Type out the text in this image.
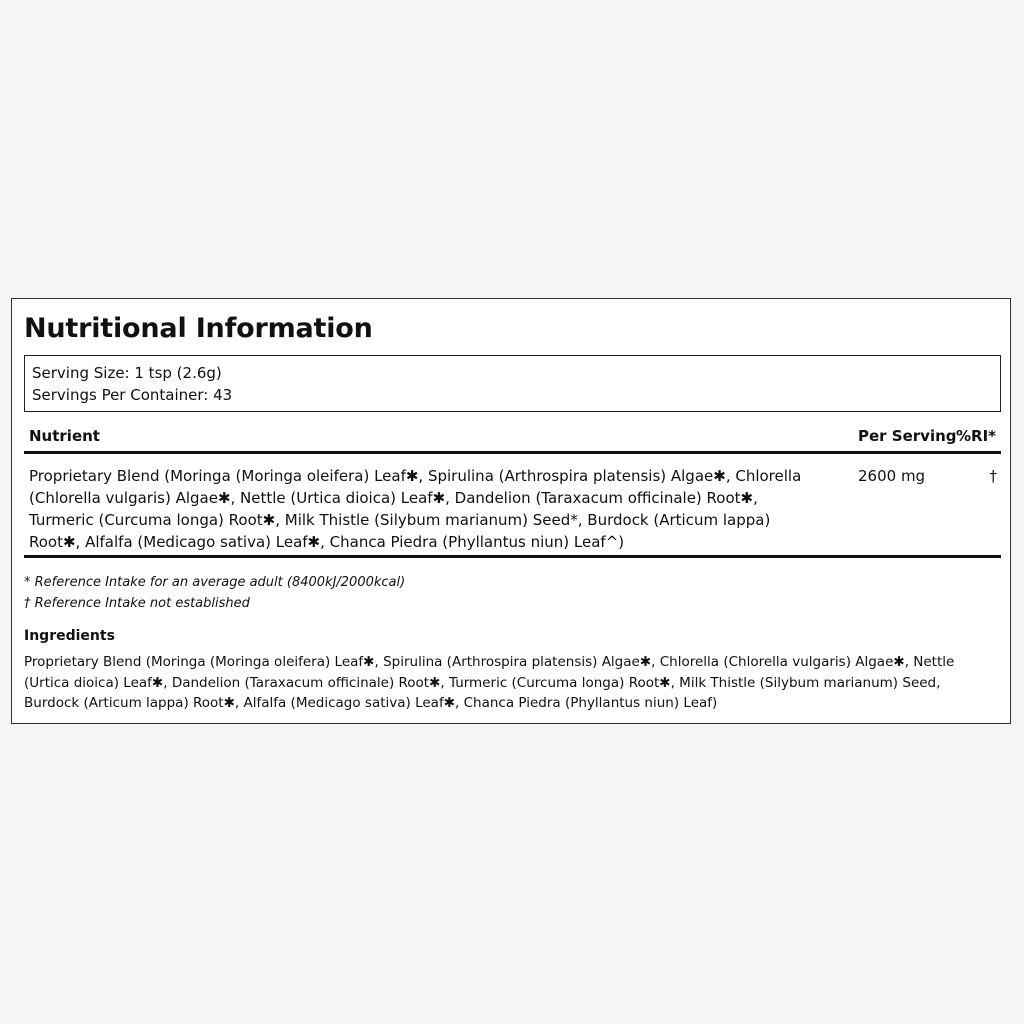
Nutritional Information
Serving Size: 1 tsp (2.6g)
Servings Per Container: 43
Nutrient	Per Serving %RI*
Proprietary Blend (Moringa (Moringa oleifera) Leaf✱, Spirulina (Arthrospira platensis) Algae✱, Chlorella (Chlorella vulgaris) Algae✱, Nettle (Urtica dioica) Leaf✱, Dandelion (Taraxacum officinale) Root✱, Turmeric (Curcuma longa) Root✱, Milk Thistle (Silybum marianum) Seed*, Burdock (Articum lappa) Root✱, Alfalfa (Medicago sativa) Leaf✱, Chanca Piedra (Phyllantus niun) Leaf^)
2600 mg	†
* Reference Intake for an average adult (8400kJ/2000kcal)
† Reference Intake not established
Ingredients
Proprietary Blend (Moringa (Moringa oleifera) Leaf✱, Spirulina (Arthrospira platensis) Algae✱, Chlorella (Chlorella vulgaris) Algae✱, Nettle (Urtica dioica) Leaf✱, Dandelion (Taraxacum officinale) Root✱, Turmeric (Curcuma longa) Root✱, Milk Thistle (Silybum marianum) Seed, Burdock (Articum lappa) Root✱, Alfalfa (Medicago sativa) Leaf✱, Chanca Piedra (Phyllantus niun) Leaf)
